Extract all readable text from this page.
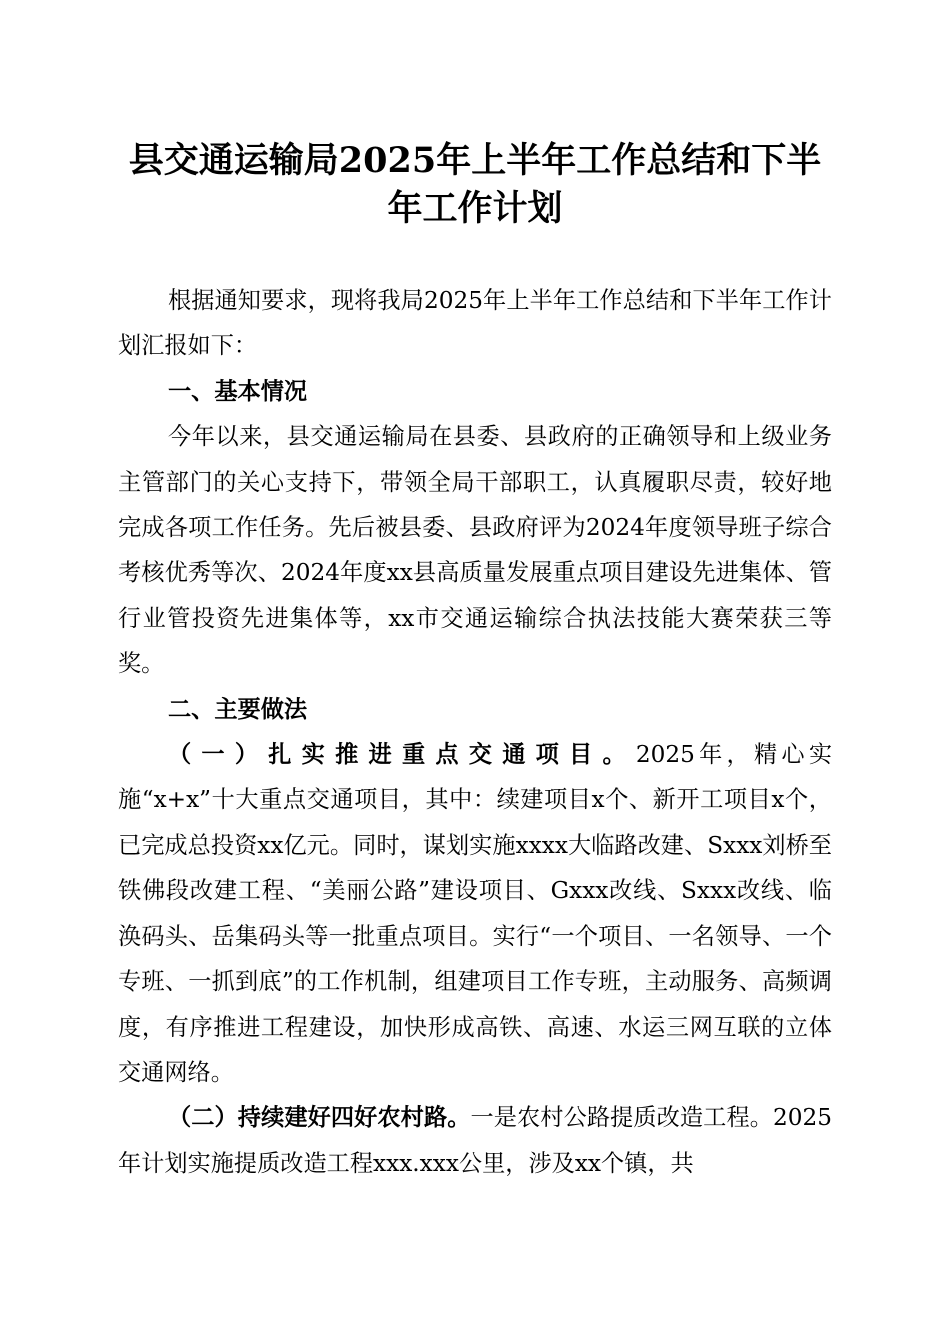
县交通运输局2025年上半年工作总结和下半
年工作计划

根据通知要求，现将我局2025年上半年工作总结和下半年工作计划汇报如下：

一、基本情况

今年以来，县交通运输局在县委、县政府的正确领导和上级业务主管部门的关心支持下，带领全局干部职工，认真履职尽责，较好地完成各项工作任务。先后被县委、县政府评为2024年度领导班子综合考核优秀等次、2024年度xx县高质量发展重点项目建设先进集体、管行业管投资先进集体等，xx市交通运输综合执法技能大赛荣获三等奖。

二、主要做法

（一）扎实推进重点交通项目。2025年，精心实施“x+x”十大重点交通项目，其中：续建项目x个、新开工项目x个，已完成总投资xx亿元。同时，谋划实施xxxx大临路改建、Sxxx刘桥至铁佛段改建工程、“美丽公路”建设项目、Gxxx改线、Sxxx改线、临涣码头、岳集码头等一批重点项目。实行“一个项目、一名领导、一个专班、一抓到底”的工作机制，组建项目工作专班，主动服务、高频调度，有序推进工程建设，加快形成高铁、高速、水运三网互联的立体交通网络。

（二）持续建好四好农村路。一是农村公路提质改造工程。2025年计划实施提质改造工程xxx.xxx公里，涉及xx个镇，共
